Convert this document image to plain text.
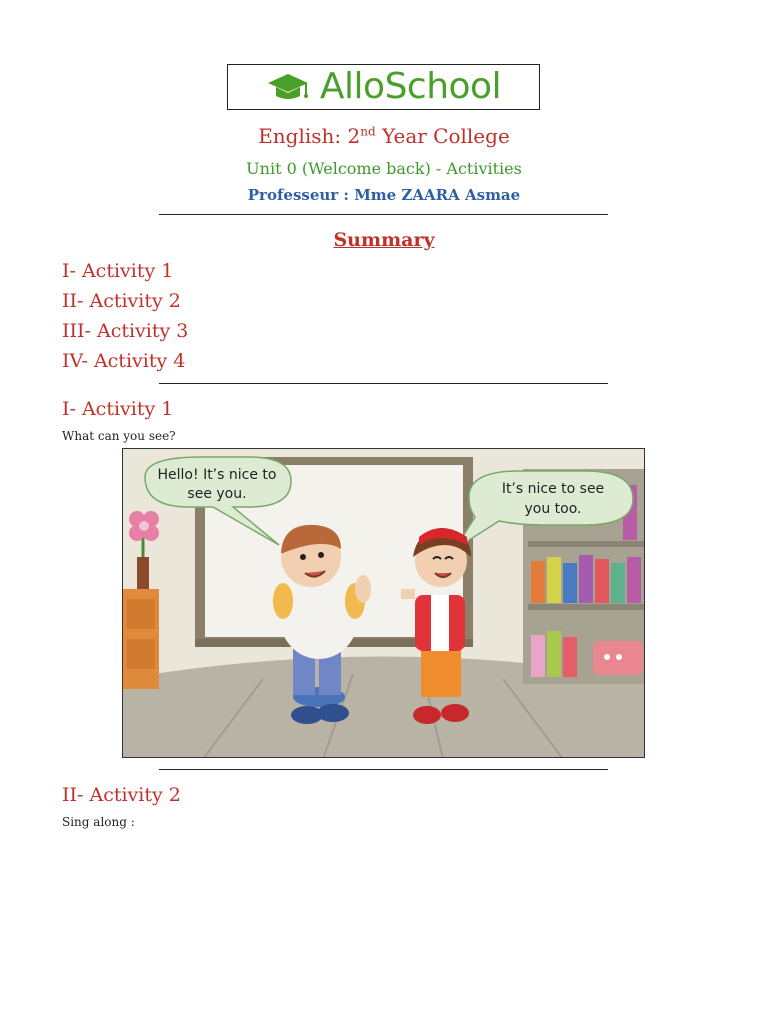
AlloSchool
English: 2nd Year College
Unit 0 (Welcome back) - Activities
Professeur : Mme ZAARA Asmae
Summary
I- Activity 1
II- Activity 2
III- Activity 3
IV- Activity 4
I- Activity 1
What can you see?
Hello! It’s nice to
see you.	It’s nice to see
you too.
II- Activity 2
Sing along :
